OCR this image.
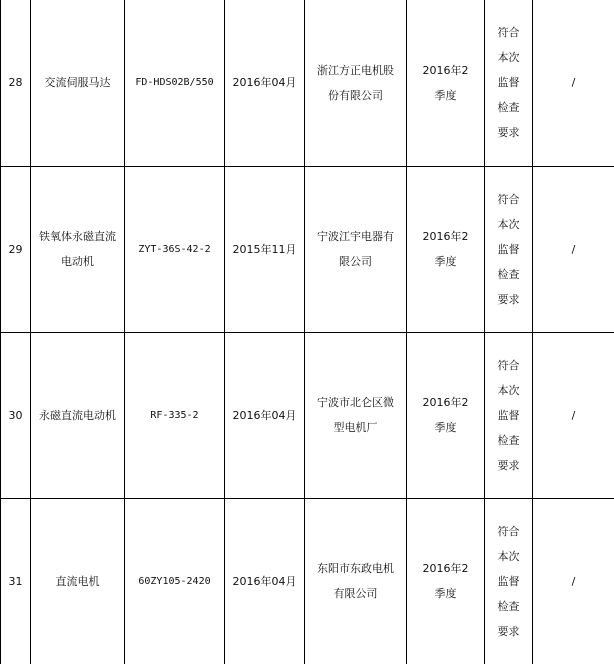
28	交流伺服马达	FD-HDS02B/550	2016年04月	浙江方正电机股份有限公司	2016年2季度	符合本次监督检查要求	/
29	铁氧体永磁直流电动机	ZYT-36S-42-2	2015年11月	宁波江宇电器有限公司	2016年2季度	符合本次监督检查要求	/
30	永磁直流电动机	RF-335-2	2016年04月	宁波市北仑区微型电机厂	2016年2季度	符合本次监督检查要求	/
31	直流电机	60ZY105-2420	2016年04月	东阳市东政电机有限公司	2016年2季度	符合本次监督检查要求	/
